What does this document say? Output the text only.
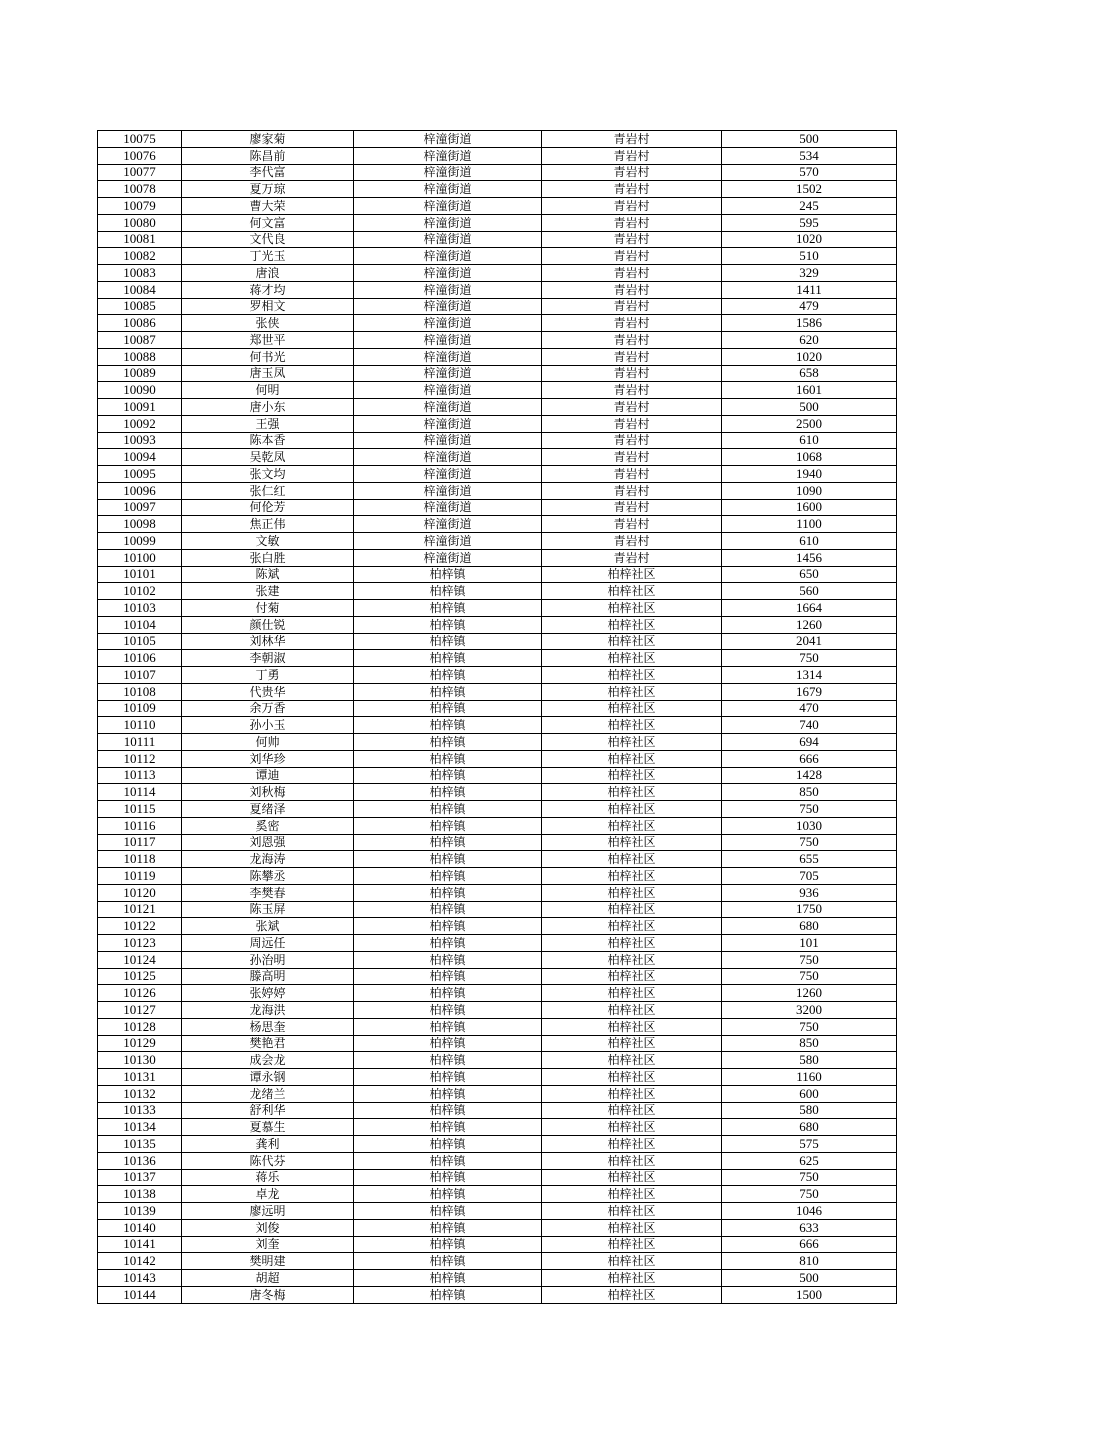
10075	廖家菊	梓潼街道	青岩村	500
10076	陈昌前	梓潼街道	青岩村	534
10077	李代富	梓潼街道	青岩村	570
10078	夏万琼	梓潼街道	青岩村	1502
10079	曹大荣	梓潼街道	青岩村	245
10080	何文富	梓潼街道	青岩村	595
10081	文代良	梓潼街道	青岩村	1020
10082	丁光玉	梓潼街道	青岩村	510
10083	唐浪	梓潼街道	青岩村	329
10084	蒋才均	梓潼街道	青岩村	1411
10085	罗相文	梓潼街道	青岩村	479
10086	张侠	梓潼街道	青岩村	1586
10087	郑世平	梓潼街道	青岩村	620
10088	何书光	梓潼街道	青岩村	1020
10089	唐玉凤	梓潼街道	青岩村	658
10090	何明	梓潼街道	青岩村	1601
10091	唐小东	梓潼街道	青岩村	500
10092	王强	梓潼街道	青岩村	2500
10093	陈本香	梓潼街道	青岩村	610
10094	吴乾凤	梓潼街道	青岩村	1068
10095	张文均	梓潼街道	青岩村	1940
10096	张仁红	梓潼街道	青岩村	1090
10097	何伦芳	梓潼街道	青岩村	1600
10098	焦正伟	梓潼街道	青岩村	1100
10099	文敏	梓潼街道	青岩村	610
10100	张白胜	梓潼街道	青岩村	1456
10101	陈斌	柏梓镇	柏梓社区	650
10102	张建	柏梓镇	柏梓社区	560
10103	付菊	柏梓镇	柏梓社区	1664
10104	颜仕锐	柏梓镇	柏梓社区	1260
10105	刘林华	柏梓镇	柏梓社区	2041
10106	李朝淑	柏梓镇	柏梓社区	750
10107	丁勇	柏梓镇	柏梓社区	1314
10108	代贵华	柏梓镇	柏梓社区	1679
10109	余万香	柏梓镇	柏梓社区	470
10110	孙小玉	柏梓镇	柏梓社区	740
10111	何帅	柏梓镇	柏梓社区	694
10112	刘华珍	柏梓镇	柏梓社区	666
10113	谭迪	柏梓镇	柏梓社区	1428
10114	刘秋梅	柏梓镇	柏梓社区	850
10115	夏绪泽	柏梓镇	柏梓社区	750
10116	奚密	柏梓镇	柏梓社区	1030
10117	刘恩强	柏梓镇	柏梓社区	750
10118	龙海涛	柏梓镇	柏梓社区	655
10119	陈攀丞	柏梓镇	柏梓社区	705
10120	李樊春	柏梓镇	柏梓社区	936
10121	陈玉屏	柏梓镇	柏梓社区	1750
10122	张斌	柏梓镇	柏梓社区	680
10123	周远任	柏梓镇	柏梓社区	101
10124	孙治明	柏梓镇	柏梓社区	750
10125	滕高明	柏梓镇	柏梓社区	750
10126	张婷婷	柏梓镇	柏梓社区	1260
10127	龙海洪	柏梓镇	柏梓社区	3200
10128	杨思奎	柏梓镇	柏梓社区	750
10129	樊艳君	柏梓镇	柏梓社区	850
10130	成会龙	柏梓镇	柏梓社区	580
10131	谭永钢	柏梓镇	柏梓社区	1160
10132	龙绪兰	柏梓镇	柏梓社区	600
10133	舒利华	柏梓镇	柏梓社区	580
10134	夏慕生	柏梓镇	柏梓社区	680
10135	龚利	柏梓镇	柏梓社区	575
10136	陈代芬	柏梓镇	柏梓社区	625
10137	蒋乐	柏梓镇	柏梓社区	750
10138	卓龙	柏梓镇	柏梓社区	750
10139	廖远明	柏梓镇	柏梓社区	1046
10140	刘俊	柏梓镇	柏梓社区	633
10141	刘奎	柏梓镇	柏梓社区	666
10142	樊明建	柏梓镇	柏梓社区	810
10143	胡超	柏梓镇	柏梓社区	500
10144	唐冬梅	柏梓镇	柏梓社区	1500
